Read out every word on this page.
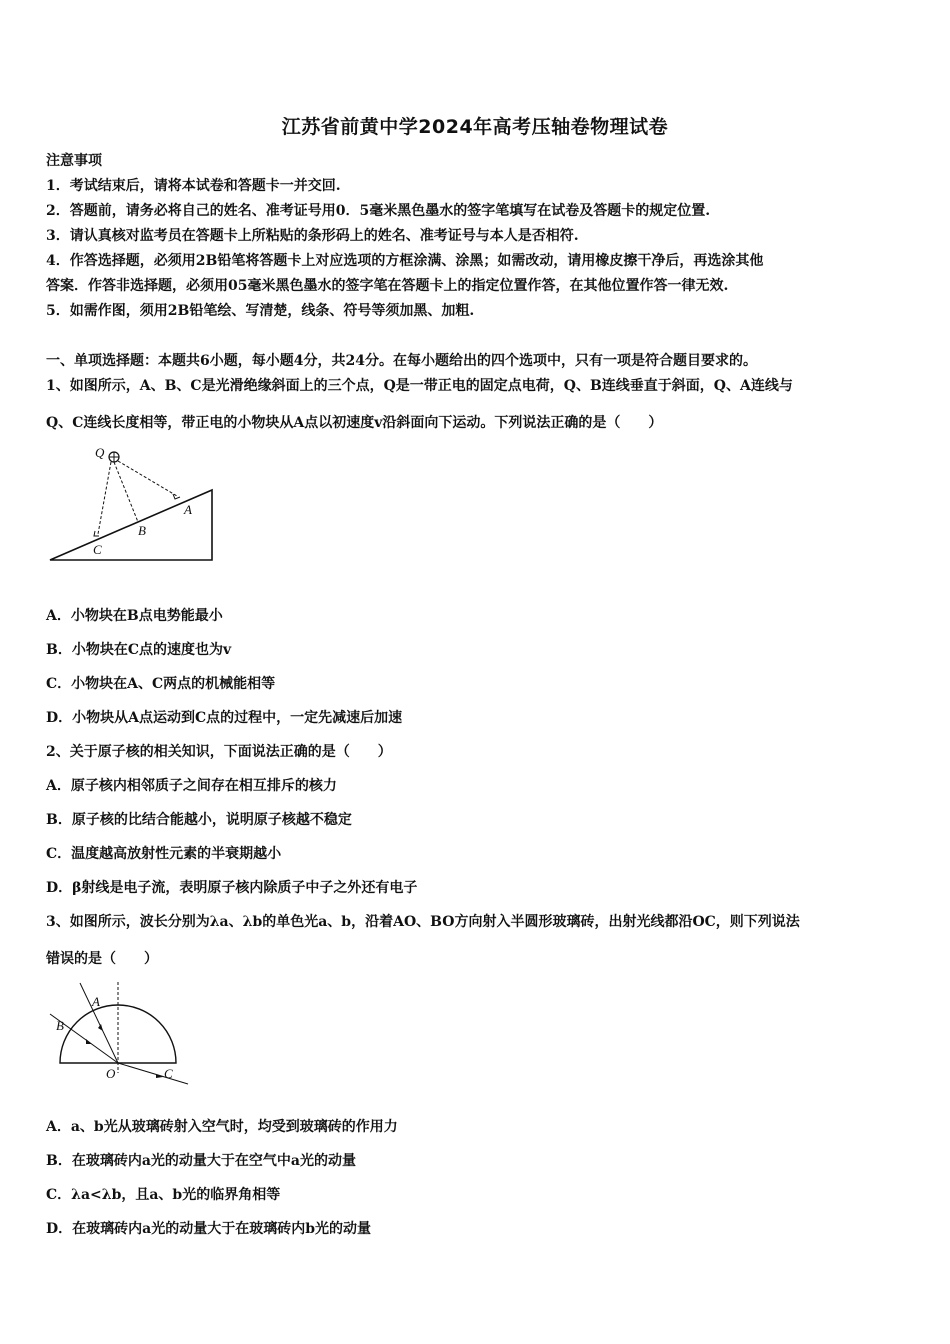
江苏省前黄中学2024年高考压轴卷物理试卷
注意事项
1．考试结束后，请将本试卷和答题卡一并交回.
2．答题前，请务必将自己的姓名、准考证号用0．5毫米黑色墨水的签字笔填写在试卷及答题卡的规定位置.
3．请认真核对监考员在答题卡上所粘贴的条形码上的姓名、准考证号与本人是否相符.
4．作答选择题，必须用2B铅笔将答题卡上对应选项的方框涂满、涂黑；如需改动，请用橡皮擦干净后，再选涂其他
答案．作答非选择题，必须用05毫米黑色墨水的签字笔在答题卡上的指定位置作答，在其他位置作答一律无效.
5．如需作图，须用2B铅笔绘、写清楚，线条、符号等须加黑、加粗.
一、单项选择题：本题共6小题，每小题4分，共24分。在每小题给出的四个选项中，只有一项是符合题目要求的。
1、如图所示，A、B、C是光滑绝缘斜面上的三个点，Q是一带正电的固定点电荷，Q、B连线垂直于斜面，Q、A连线与
Q、C连线长度相等，带正电的小物块从A点以初速度v沿斜面向下运动。下列说法正确的是（　　）
Q
A
B
C
A．小物块在B点电势能最小
B．小物块在C点的速度也为v
C．小物块在A、C两点的机械能相等
D．小物块从A点运动到C点的过程中，一定先减速后加速
2、关于原子核的相关知识，下面说法正确的是（　　）
A．原子核内相邻质子之间存在相互排斥的核力
B．原子核的比结合能越小，说明原子核越不稳定
C．温度越高放射性元素的半衰期越小
D．β射线是电子流，表明原子核内除质子中子之外还有电子
3、如图所示，波长分别为λa、λb的单色光a、b，沿着AO、BO方向射入半圆形玻璃砖，出射光线都沿OC，则下列说法
错误的是（　　）
A
B
O	C
A．a、b光从玻璃砖射入空气时，均受到玻璃砖的作用力
B．在玻璃砖内a光的动量大于在空气中a光的动量
C．λa<λb，且a、b光的临界角相等
D．在玻璃砖内a光的动量大于在玻璃砖内b光的动量
